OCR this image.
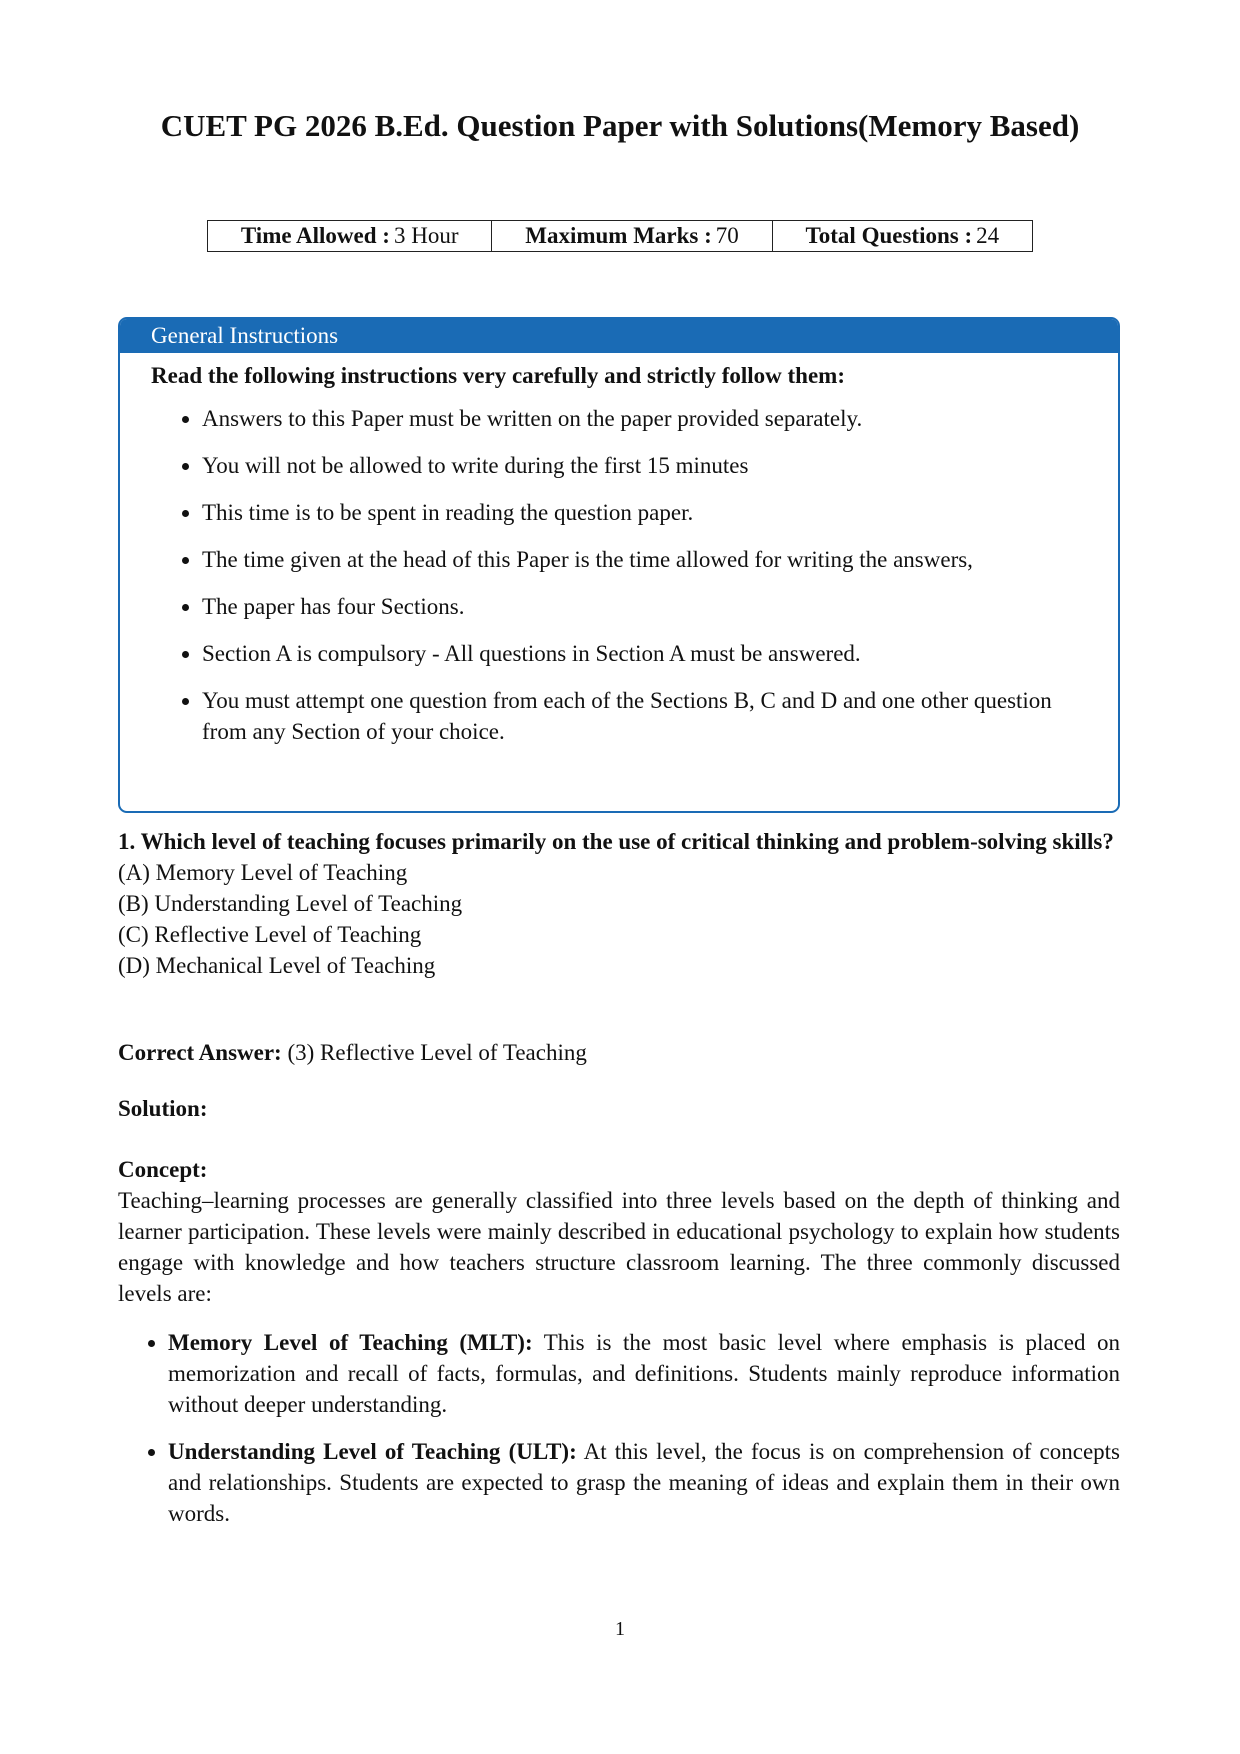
CUET PG 2026 B.Ed. Question Paper with Solutions(Memory Based)
Time Allowed : 3 Hour	Maximum Marks : 70	Total Questions : 24
General Instructions
Read the following instructions very carefully and strictly follow them:
• Answers to this Paper must be written on the paper provided separately.
• You will not be allowed to write during the first 15 minutes
• This time is to be spent in reading the question paper.
• The time given at the head of this Paper is the time allowed for writing the answers,
• The paper has four Sections.
• Section A is compulsory - All questions in Section A must be answered.
• You must attempt one question from each of the Sections B, C and D and one other question from any Section of your choice.
1. Which level of teaching focuses primarily on the use of critical thinking and problem-solving skills?
(A) Memory Level of Teaching
(B) Understanding Level of Teaching
(C) Reflective Level of Teaching
(D) Mechanical Level of Teaching
Correct Answer: (3) Reflective Level of Teaching
Solution:
Concept:
Teaching–learning processes are generally classified into three levels based on the depth of thinking and learner participation. These levels were mainly described in educational psychology to explain how students engage with knowledge and how teachers structure classroom learning. The three commonly discussed levels are:
• Memory Level of Teaching (MLT): This is the most basic level where emphasis is placed on memorization and recall of facts, formulas, and definitions. Students mainly reproduce information without deeper understanding.
• Understanding Level of Teaching (ULT): At this level, the focus is on comprehension of concepts and relationships. Students are expected to grasp the meaning of ideas and explain them in their own words.
1
